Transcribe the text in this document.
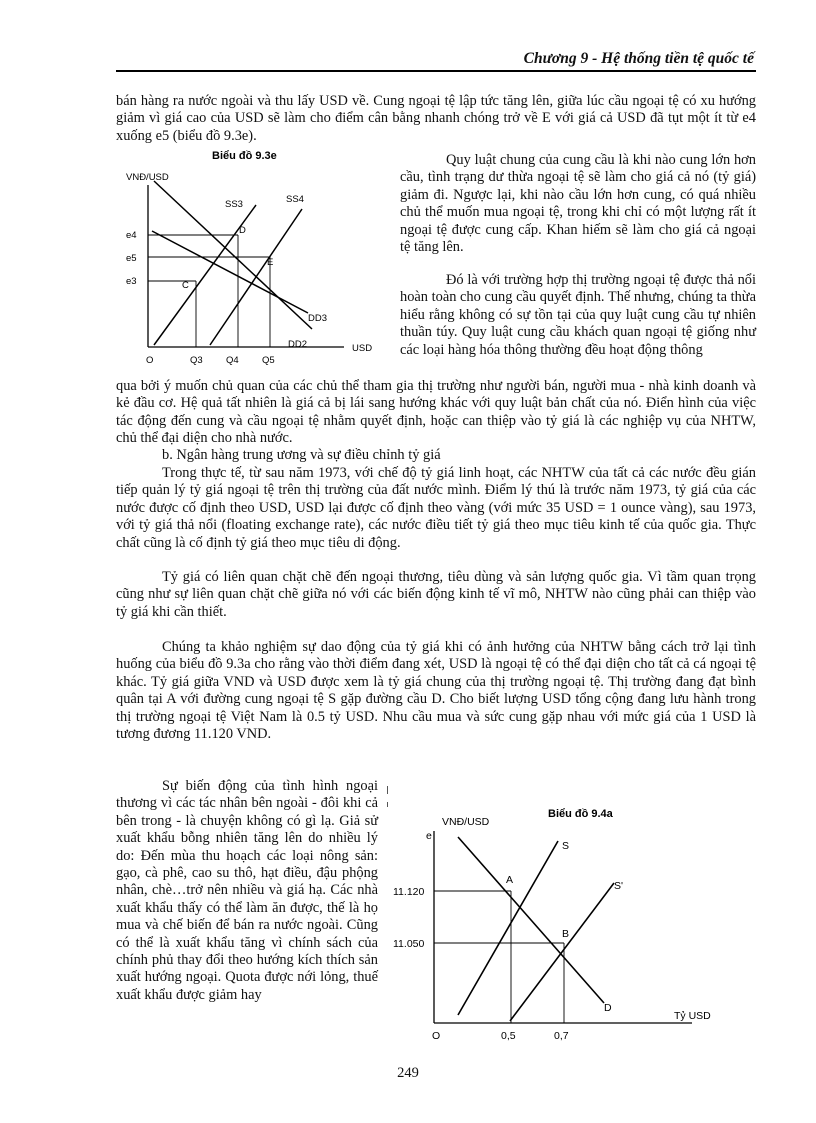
Chương 9 - Hệ thống tiền tệ quốc tế

bán hàng ra nước ngoài và thu lấy USD về. Cung ngoại tệ lập tức tăng lên, giữa lúc cầu ngoại tệ có xu hướng giảm vì giá cao của USD sẽ làm cho điểm cân bằng nhanh chóng trở về E với giá cả USD đã tụt một ít từ e4 xuống e5 (biểu đồ 9.3e).

Biểu đồ 9.3e
VNĐ/USD
e4
e5
e3
SS3	SS4
DD3
DD2
D
E
C
O	Q3 Q4 Q5
USD

Quy luật chung của cung cầu là khi nào cung lớn hơn cầu, tình trạng dư thừa ngoại tệ sẽ làm cho giá cả nó (tỷ giá) giảm đi. Ngược lại, khi nào cầu lớn hơn cung, có quá nhiều chủ thể muốn mua ngoại tệ, trong khi chỉ có một lượng rất ít ngoại tệ được cung cấp. Khan hiếm sẽ làm cho giá cả ngoại tệ tăng lên.

Đó là với trường hợp thị trường ngoại tệ được thả nổi hoàn toàn cho cung cầu quyết định. Thế nhưng, chúng ta thừa hiểu rằng không có sự tồn tại của quy luật cung cầu tự nhiên thuần túy. Quy luật cung cầu khách quan ngoại tệ giống như các loại hàng hóa thông thường đều hoạt động thông

qua bởi ý muốn chủ quan của các chủ thể tham gia thị trường như người bán, người mua - nhà kinh doanh và kẻ đầu cơ. Hệ quả tất nhiên là giá cả bị lái sang hướng khác với quy luật bản chất của nó. Điển hình của việc tác động đến cung và cầu ngoại tệ nhằm quyết định, hoặc can thiệp vào tỷ giá là các nghiệp vụ của NHTW, chủ thể đại diện cho nhà nước.

b. Ngân hàng trung ương và sự điều chỉnh tỷ giá

Trong thực tế, từ sau năm 1973, với chế độ tỷ giá linh hoạt, các NHTW của tất cả các nước đều gián tiếp quản lý tỷ giá ngoại tệ trên thị trường của đất nước mình. Điểm lý thú là trước năm 1973, tỷ giá của các nước được cố định theo USD, USD lại được cố định theo vàng (với mức 35 USD = 1 ounce vàng), sau 1973, với tỷ giá thả nổi (floating exchange rate), các nước điều tiết tỷ giá theo mục tiêu kinh tế của quốc gia. Thực chất cũng là cố định tỷ giá theo mục tiêu di động.

Tỷ giá có liên quan chặt chẽ đến ngoại thương, tiêu dùng và sản lượng quốc gia. Vì tầm quan trọng cũng như sự liên quan chặt chẽ giữa nó với các biến động kinh tế vĩ mô, NHTW nào cũng phải can thiệp vào tỷ giá khi cần thiết.

Chúng ta khảo nghiệm sự dao động của tỷ giá khi có ảnh hưởng của NHTW bằng cách trở lại tình huống của biểu đồ 9.3a cho rằng vào thời điểm đang xét, USD là ngoại tệ có thể đại diện cho tất cả cá ngoại tệ khác. Tỷ giá giữa VND và USD được xem là tỷ giá chung của thị trường ngoại tệ. Thị trường đang đạt bình quân tại A với đường cung ngoại tệ S gặp đường cầu D. Cho biết lượng USD tổng cộng đang lưu hành trong thị trường ngoại tệ Việt Nam là 0.5 tỷ USD. Nhu cầu mua và sức cung gặp nhau với mức giá của 1 USD là tương đương 11.120 VND.

Sự biến động của tình hình ngoại thương vì các tác nhân bên ngoài - đôi khi cả bên trong - là chuyện không có gì lạ. Giả sử xuất khẩu bỗng nhiên tăng lên do nhiều lý do: Đến mùa thu hoạch các loại nông sản: gạo, cà phê, cao su thô, hạt điều, đậu phộng nhân, chè…trở nên nhiều và giá hạ. Các nhà xuất khẩu thấy có thể làm ăn được, thế là họ mua và chế biến để bán ra nước ngoài. Cũng có thể là xuất khẩu tăng vì chính sách của chính phủ thay đổi theo hướng kích thích sản xuất hướng ngoại. Quota được nới lỏng, thuế xuất khẩu được giảm hay

Biểu đồ 9.4a
VNĐ/USD
e
S
S'
D
A
B
11.120
11.050
O	0,5	0,7
Tỷ USD
249
